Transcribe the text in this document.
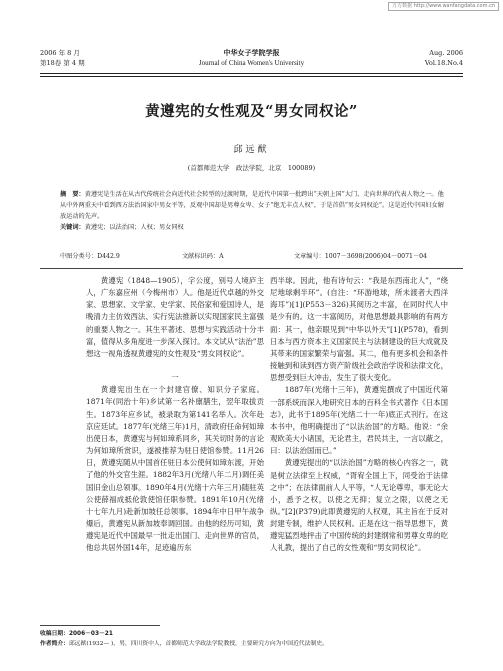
万方数据 http://www.wanfangdata.com.cn
2006 年 8 月
第18卷 第 4 期
中华女子学院学报
Journal of China Women's University
Aug. 2006
Vol.18.No.4
黄遵宪的女性观及“男女同权论”
邱远猷
(首都师范大学　政法学院，北京　100089)
摘　要：黄遵宪是生活在从古代传统社会向近代社会转型的过渡时期，是近代中国第一批跨出“天朝上国”大门、走向世界的代表人物之一。他从中外两重天中看到西方法治国家中男女平等，反观中国却是男尊女卑、女子“绝无丰点人权”，于是首倡“男女同权论”。这是近代中国妇女解放运动的先声。
关键词：黄遵宪；以法治国；人权；男女同权
中图分类号：D442.9	文献标识码：A	文章编号：1007－3698(2006)04－0071－04

黄遵宪（1848—1905），字公度，别号人境庐主人，广东嘉应州（今梅州市）人。他是近代卓越的外交家、思想家、文学家、史学家、民俗家和爱国诗人，是晚清力主仿效西法、实行宪法推新以实现国家民主富强的重要人物之一。其生平著述、思想与实践活动十分丰富，值得从多角度进一步深入探讨。本文试从“法治”思想这一视角透视黄遵宪的女性观及“男女同权论”。

一

黄遵宪出生在一个封建官僚、知识分子家庭。1871年(同治十年)乡试第一名补廪膳生，翌年取拔贡生。1873年应乡试，被录取为第141名举人。次年赴京应廷试。1877年(光绪三年)1月，清政府任命何如璋出使日本，黄遵宪与何如璋系同乡，其关切时务的言论为何如璋所赏识，遂被推荐为驻日使馆参赞。11月26日，黄遵宪随从中国首任驻日本公使何如璋东渡，开始了他的外交官生涯。1882年3月(光绪八年二月)调任美国旧金山总领事。1890年4月(光绪十六年三月)随驻英公使薛福成抵伦敦使馆任职参赞。1891年10月(光绪十七年九月)赴新加坡任总领事。1894年中日甲午战争爆后，黄遵宪从新加坡奉调回国。由他的经历可知，黄遵宪是近代中国最早一批走出国门、走向世界的官员，他总共居外国14年，足迹遍历东

西半球。因此，他有诗句云：“我是东西南北人”，“绕尼地球剩半环”。(自注：“环游地球，所未渡者大西洋海耳”)[1](P553－326)其阅历之丰富，在同时代人中是少有的。这一丰富阅历，对他思想最具影响的有两方面：其一，他亲眼见到“中华以外天”[1](P578)，看到日本与西方资本主义国家民主与法制建设的巨大成就及其带来的国家繁荣与富强。其二，他有更多机会和条件接触到和读到西方资产阶级社会政治学说和法律文化，思想受到巨大冲击，发生了很大变化。

1887年(光绪十三年)，黄遵宪撰成了中国近代第一部系统而深入地研究日本的百科全书式著作《日本国志》，此书于1895年(光绪二十一年)底正式刊行。在这本书中，他明确提出了“以法治国”的方略。他说：“余观欧美大小诸国，无论君主，君民共主，一言以蔽之，曰：以法治国而已。”

黄遵宪提出的“以法治国”方略的核心内容之一，就是树立法律至上权威，“胥宥全国上下，同受治于法律之中”；在法律面前人人平等，“人无论尊卑，事无论大小，悉予之权，以使之无抑；复立之限，以使之无纵。”[2](P379)此即黄遵宪的人权观，其主旨在于反对封建专制，维护人民权利。正是在这一指导思想下，黄遵宪猛烈地抨击了中国传统的封建纲常和男尊女卑的吃人礼教，提出了自己的女性观和“男女同权论”。

收稿日期：2006－03－21
作者简介：邱远猷(1932— )，男，四川资中人，首都师范大学政法学院教授，主要研究方向为中国近代法制史。
